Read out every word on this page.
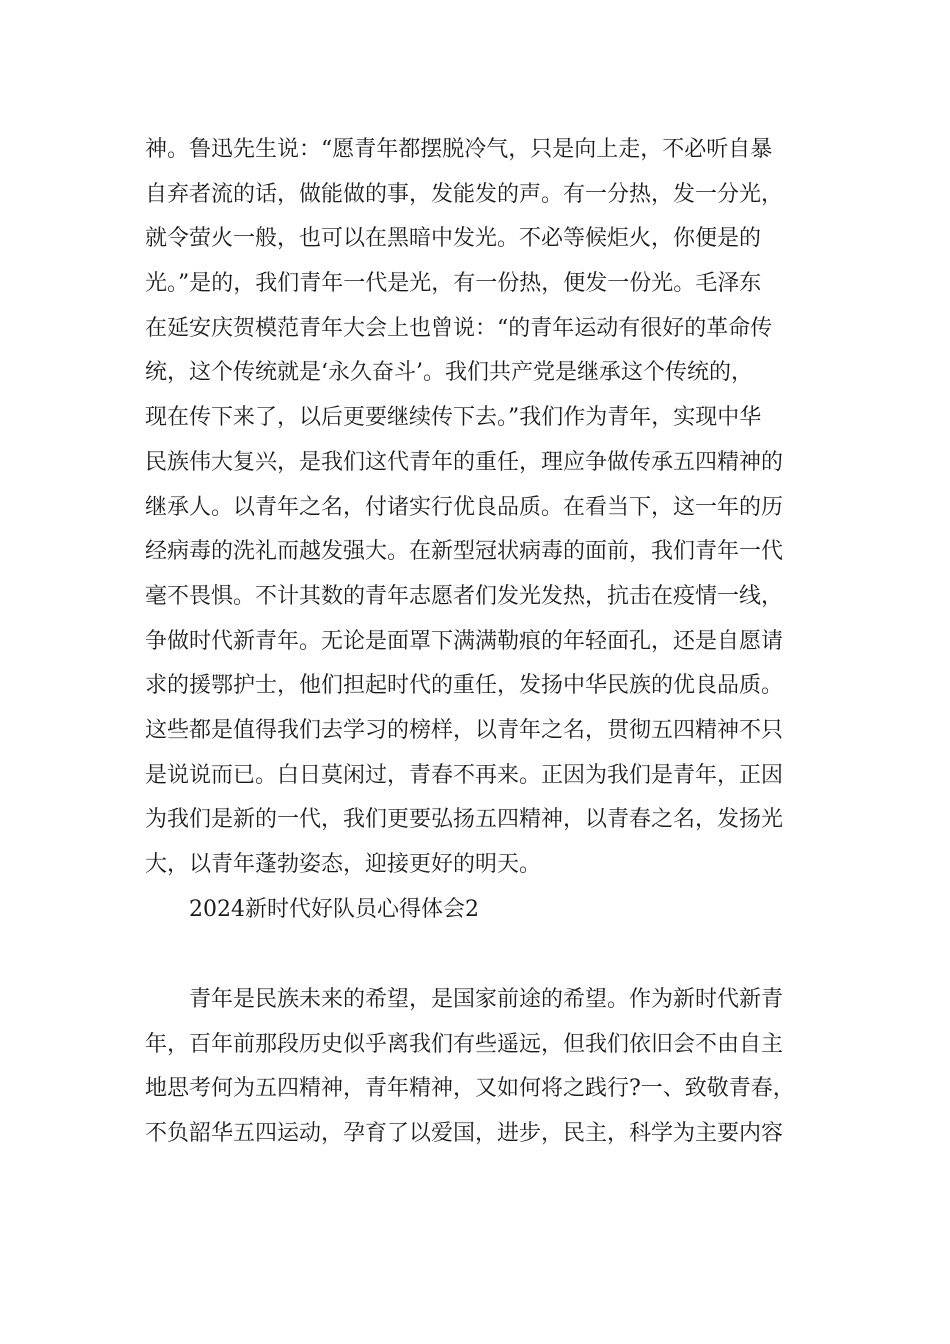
神。鲁迅先生说：“愿青年都摆脱冷气，只是向上走，不必听自暴
自弃者流的话，做能做的事，发能发的声。有一分热，发一分光，
就令萤火一般，也可以在黑暗中发光。不必等候炬火，你便是的
光。”是的，我们青年一代是光，有一份热，便发一份光。毛泽东
在延安庆贺模范青年大会上也曾说：“的青年运动有很好的革命传
统，这个传统就是‘永久奋斗’。我们共产党是继承这个传统的，
现在传下来了，以后更要继续传下去。”我们作为青年，实现中华
民族伟大复兴，是我们这代青年的重任，理应争做传承五四精神的
继承人。以青年之名，付诸实行优良品质。在看当下，这一年的历
经病毒的洗礼而越发强大。在新型冠状病毒的面前，我们青年一代
毫不畏惧。不计其数的青年志愿者们发光发热，抗击在疫情一线，
争做时代新青年。无论是面罩下满满勒痕的年轻面孔，还是自愿请
求的援鄂护士，他们担起时代的重任，发扬中华民族的优良品质。
这些都是值得我们去学习的榜样，以青年之名，贯彻五四精神不只
是说说而已。白日莫闲过，青春不再来。正因为我们是青年，正因
为我们是新的一代，我们更要弘扬五四精神，以青春之名，发扬光
大，以青年蓬勃姿态，迎接更好的明天。
2024新时代好队员心得体会2
青年是民族未来的希望，是国家前途的希望。作为新时代新青
年，百年前那段历史似乎离我们有些遥远，但我们依旧会不由自主
地思考何为五四精神，青年精神，又如何将之践行?一、致敬青春，
不负韶华五四运动，孕育了以爱国，进步，民主，科学为主要内容
